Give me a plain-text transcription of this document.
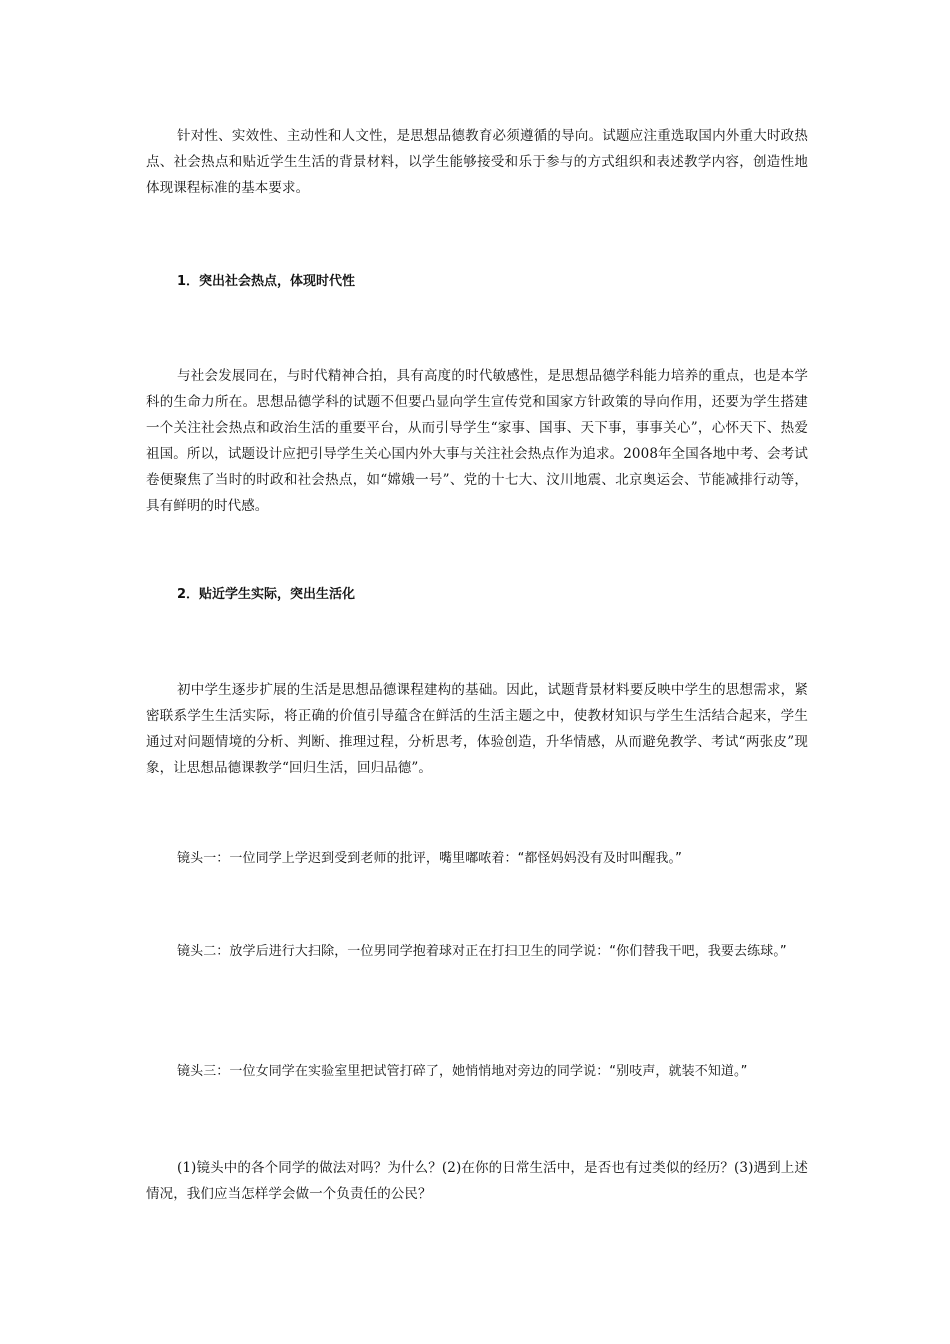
针对性、实效性、主动性和人文性，是思想品德教育必须遵循的导向。试题应注重选取国内外重大时政热点、社会热点和贴近学生生活的背景材料，以学生能够接受和乐于参与的方式组织和表述教学内容，创造性地体现课程标准的基本要求。

1．突出社会热点，体现时代性

与社会发展同在，与时代精神合拍，具有高度的时代敏感性，是思想品德学科能力培养的重点，也是本学科的生命力所在。思想品德学科的试题不但要凸显向学生宣传党和国家方针政策的导向作用，还要为学生搭建一个关注社会热点和政治生活的重要平台，从而引导学生“家事、国事、天下事，事事关心”，心怀天下、热爱祖国。所以，试题设计应把引导学生关心国内外大事与关注社会热点作为追求。2008年全国各地中考、会考试卷便聚焦了当时的时政和社会热点，如“嫦娥一号”、党的十七大、汶川地震、北京奥运会、节能减排行动等，具有鲜明的时代感。

2．贴近学生实际，突出生活化

初中学生逐步扩展的生活是思想品德课程建构的基础。因此，试题背景材料要反映中学生的思想需求，紧密联系学生生活实际，将正确的价值引导蕴含在鲜活的生活主题之中，使教材知识与学生生活结合起来，学生通过对问题情境的分析、判断、推理过程，分析思考，体验创造，升华情感，从而避免教学、考试“两张皮”现象，让思想品德课教学“回归生活，回归品德”。

镜头一：一位同学上学迟到受到老师的批评，嘴里嘟哝着：“都怪妈妈没有及时叫醒我。”

镜头二：放学后进行大扫除，一位男同学抱着球对正在打扫卫生的同学说：“你们替我干吧，我要去练球。”

镜头三：一位女同学在实验室里把试管打碎了，她悄悄地对旁边的同学说：“别吱声，就装不知道。”

(1)镜头中的各个同学的做法对吗？为什么？(2)在你的日常生活中，是否也有过类似的经历？(3)遇到上述情况，我们应当怎样学会做一个负责任的公民？
